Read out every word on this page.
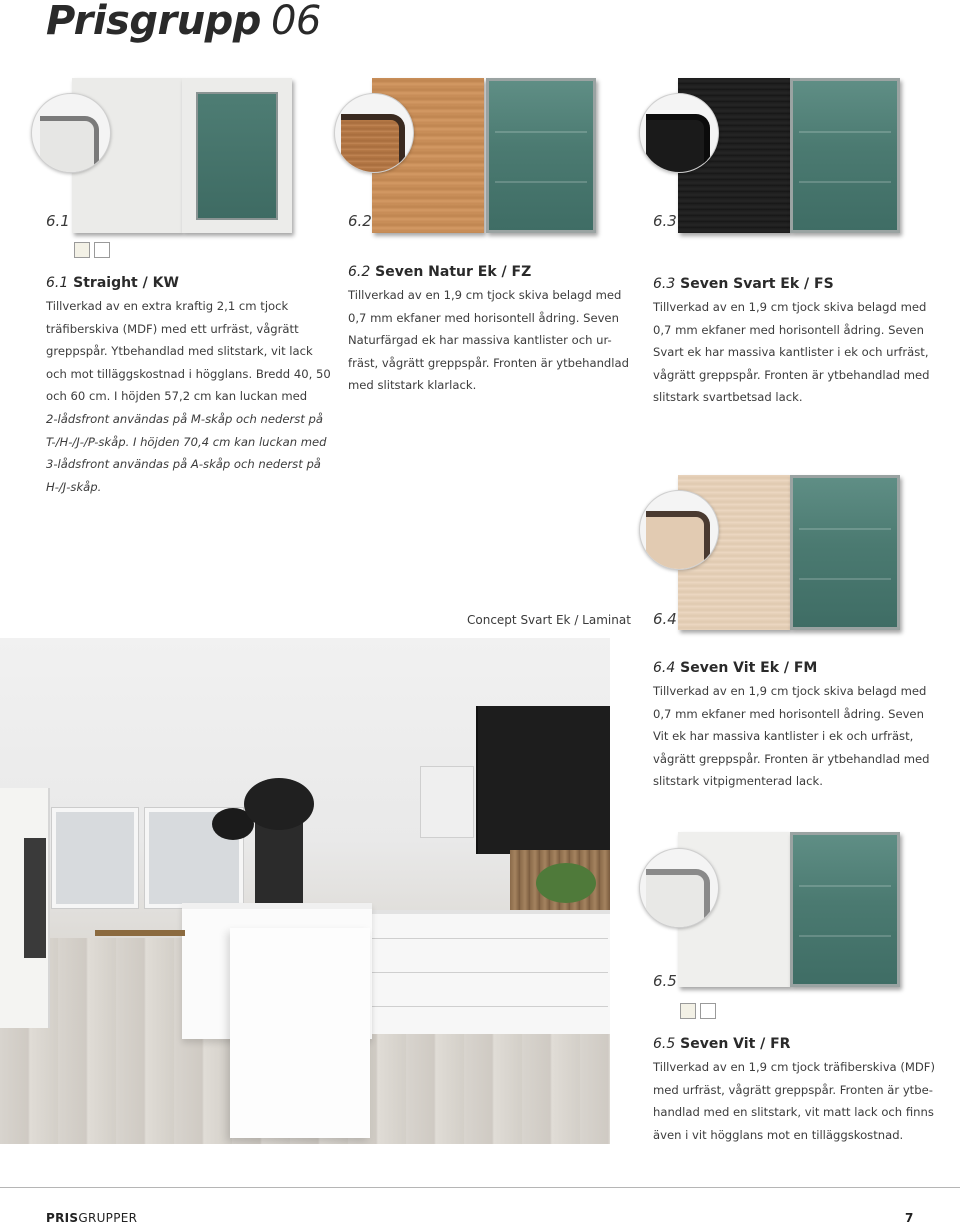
Prisgrupp 06
6.1
6.1 Straight / KW

Tillverkad av en extra kraftig 2,1 cm tjock

träfiberskiva (MDF) med ett urfräst, vågrätt

greppspår. Ytbehandlad med slitstark, vit lack

och mot tilläggskostnad i högglans. Bredd 40, 50

och 60 cm. I höjden 57,2 cm kan luckan med

2-lådsfront användas på M-skåp och nederst på

T-/H-/J-/P-skåp. I höjden 70,4 cm kan luckan med

3-lådsfront användas på A-skåp och nederst på

H-/J-skåp.

6.2
6.2 Seven Natur Ek / FZ

Tillverkad av en 1,9 cm tjock skiva belagd med

0,7 mm ekfaner med horisontell ådring. Seven

Naturfärgad ek har massiva kantlister och ur-

fräst, vågrätt greppspår. Fronten är ytbehandlad

med slitstark klarlack.

6.3
6.3 Seven Svart Ek / FS

Tillverkad av en 1,9 cm tjock skiva belagd med

0,7 mm ekfaner med horisontell ådring. Seven

Svart ek har massiva kantlister i ek och urfräst,

vågrätt greppspår. Fronten är ytbehandlad med

slitstark svartbetsad lack.

Concept Svart Ek / Laminat 6.4
6.4 Seven Vit Ek / FM

Tillverkad av en 1,9 cm tjock skiva belagd med

0,7 mm ekfaner med horisontell ådring. Seven

Vit ek har massiva kantlister i ek och urfräst,

vågrätt greppspår. Fronten är ytbehandlad med

slitstark vitpigmenterad lack.

6.5
6.5 Seven Vit / FR

Tillverkad av en 1,9 cm tjock träfiberskiva (MDF)

med urfräst, vågrätt greppspår. Fronten är ytbe-

handlad med en slitstark, vit matt lack och finns

även i vit högglans mot en tilläggskostnad.

PRISGRUPPER	7
